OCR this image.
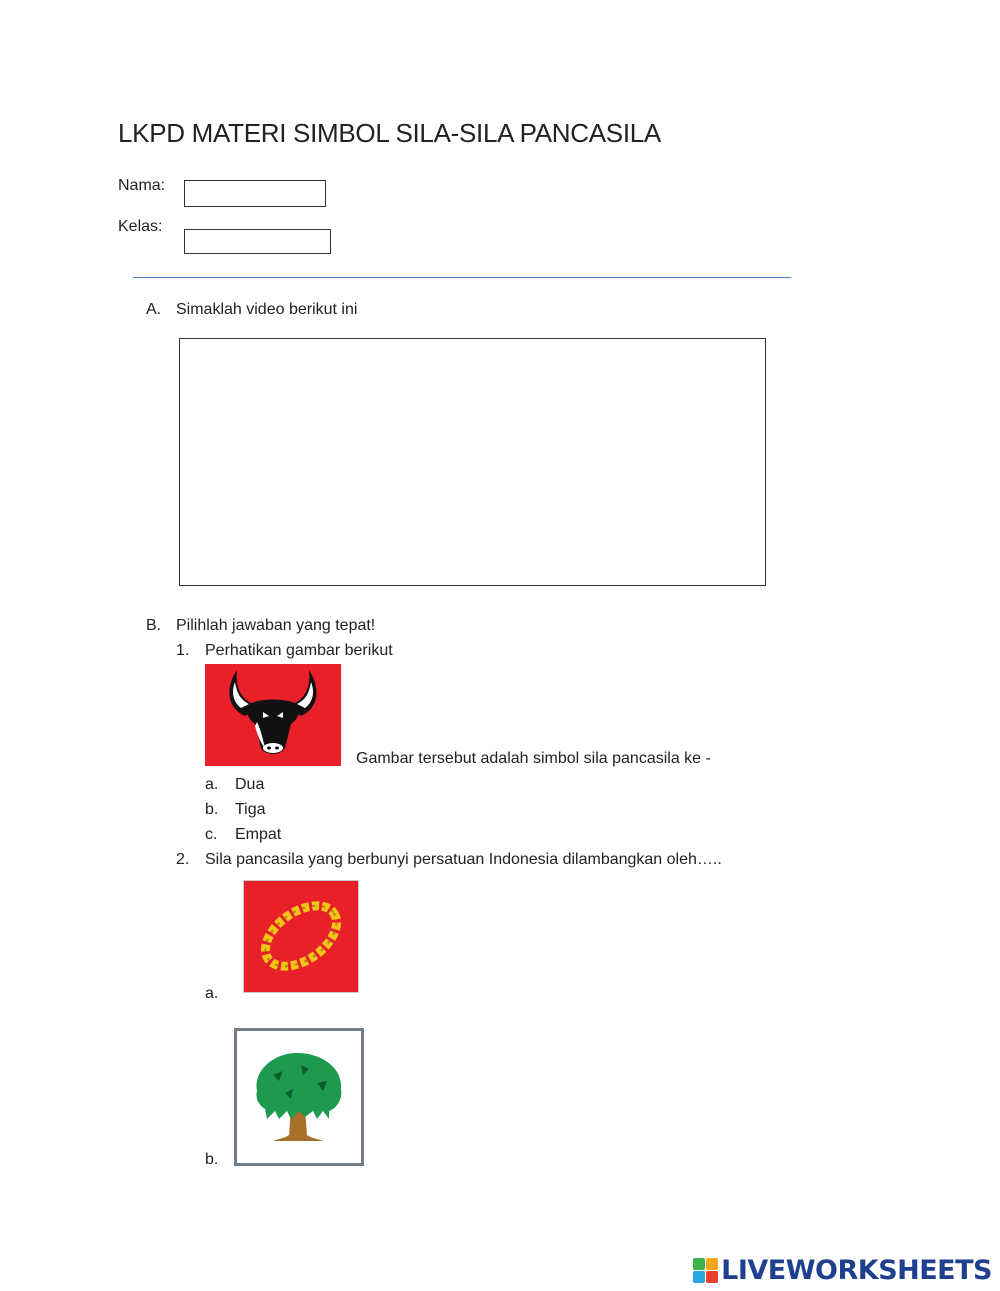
LKPD MATERI SIMBOL SILA-SILA PANCASILA
Nama:
Kelas:
A. Simaklah video berikut ini
B. Pilihlah jawaban yang tepat!
1. Perhatikan gambar berikut
Gambar tersebut adalah simbol sila pancasila ke -
a. Dua
b. Tiga
c. Empat
2. Sila pancasila yang berbunyi persatuan Indonesia dilambangkan oleh…..
a.
b.
LIVEWORKSHEETS
